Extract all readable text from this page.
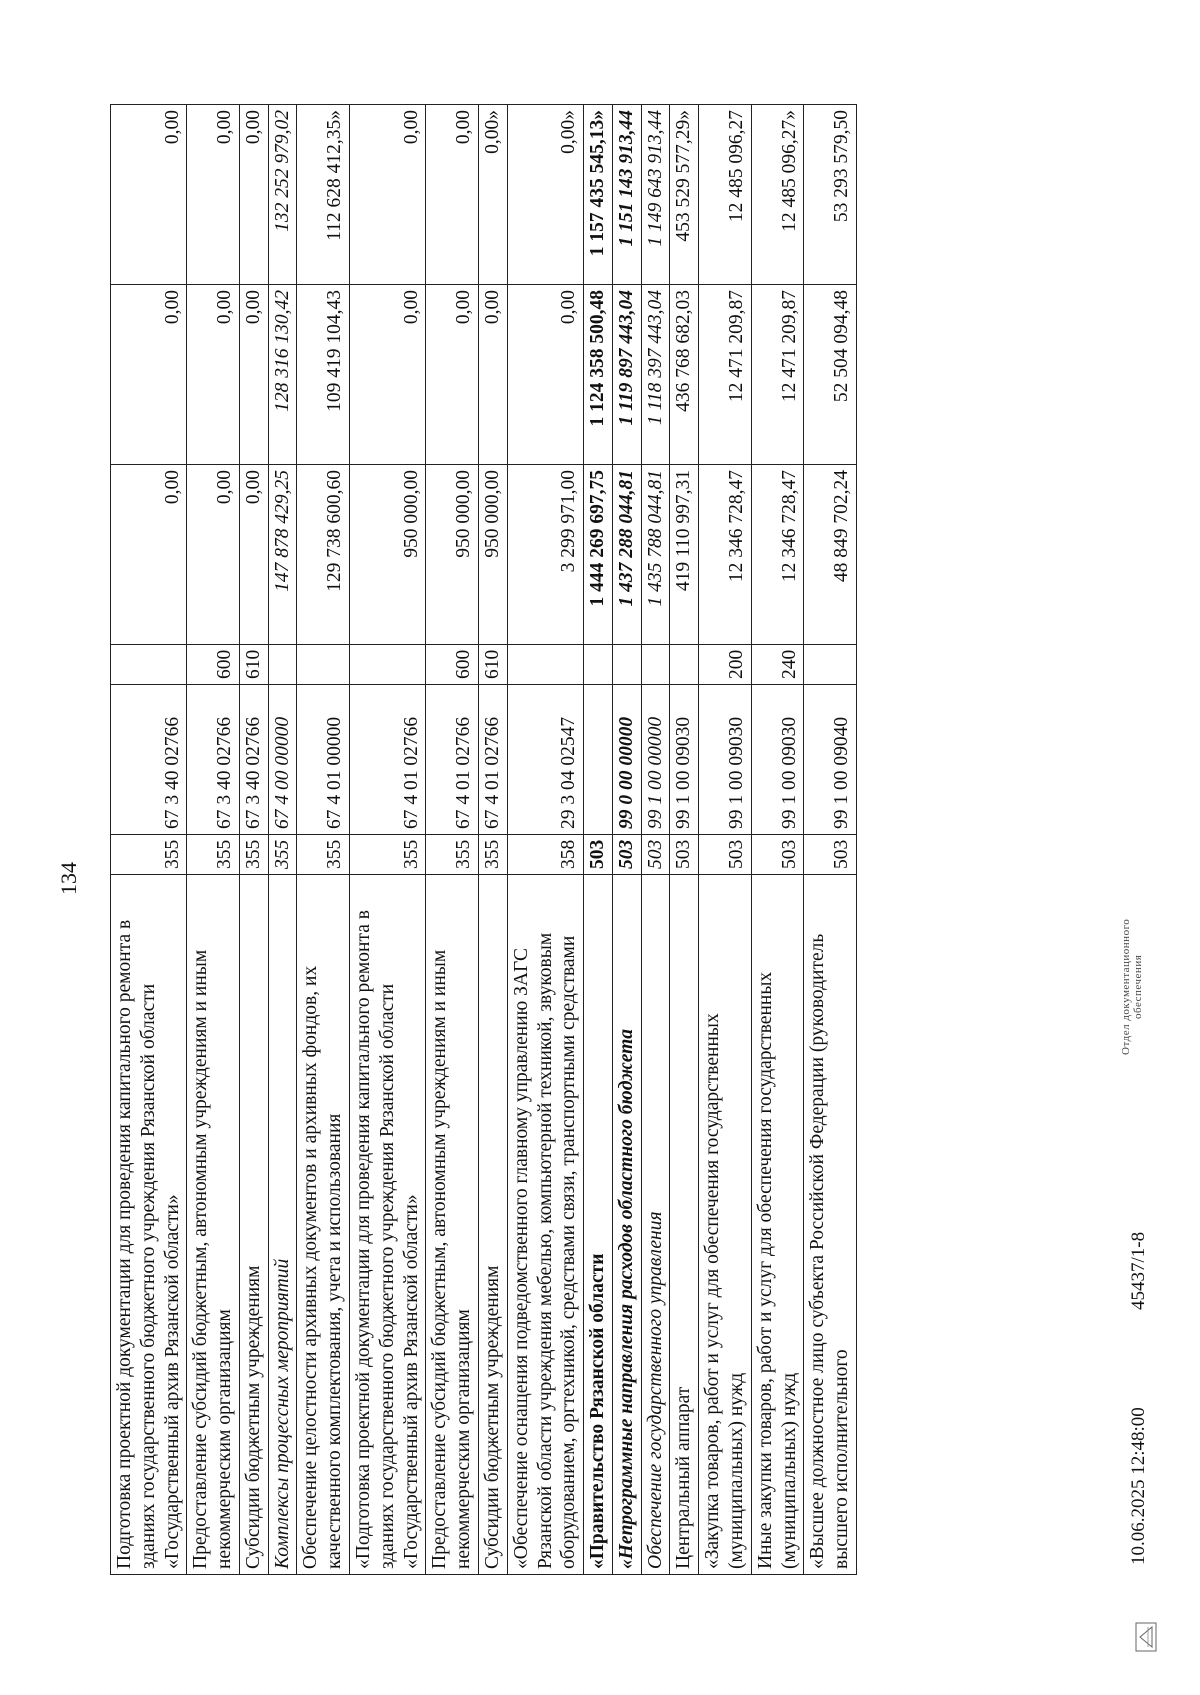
134
Подготовка проектной документации для проведения капитального ремонта в зданиях государственного бюджетного учреждения Рязанской области «Государственный архив Рязанской области»	355	67 3 40 02766		0,00	0,00	0,00
Предоставление субсидий бюджетным, автономным учреждениям и иным некоммерческим организациям	355	67 3 40 02766	600	0,00	0,00	0,00
Субсидии бюджетным учреждениям	355	67 3 40 02766	610	0,00	0,00	0,00
Комплексы процессных мероприятий	355	67 4 00 00000		147 878 429,25	128 316 130,42	132 252 979,02
Обеспечение целостности архивных документов и архивных фондов, их качественного комплектования, учета и использования	355	67 4 01 00000		129 738 600,60	109 419 104,43	112 628 412,35»
«Подготовка проектной документации для проведения капитального ремонта в зданиях государственного бюджетного учреждения Рязанской области «Государственный архив Рязанской области»	355	67 4 01 02766		950 000,00	0,00	0,00
Предоставление субсидий бюджетным, автономным учреждениям и иным некоммерческим организациям	355	67 4 01 02766	600	950 000,00	0,00	0,00
Субсидии бюджетным учреждениям	355	67 4 01 02766	610	950 000,00	0,00	0,00»
«Обеспечение оснащения подведомственного главному управлению ЗАГС Рязанской области учреждения мебелью, компьютерной техникой, звуковым оборудованием, оргтехникой, средствами связи, транспортными средствами	358	29 3 04 02547		3 299 971,00	0,00	0,00»
«Правительство Рязанской области	503			1 444 269 697,75	1 124 358 500,48	1 157 435 545,13»
«Непрограммные направления расходов областного бюджета	503	99 0 00 00000		1 437 288 044,81	1 119 897 443,04	1 151 143 913,44
Обеспечение государственного управления	503	99 1 00 00000		1 435 788 044,81	1 118 397 443,04	1 149 643 913,44
Центральный аппарат	503	99 1 00 09030		419 110 997,31	436 768 682,03	453 529 577,29»
«Закупка товаров, работ и услуг для обеспечения государственных (муниципальных) нужд	503	99 1 00 09030	200	12 346 728,47	12 471 209,87	12 485 096,27
Иные закупки товаров, работ и услуг для обеспечения государственных (муниципальных) нужд	503	99 1 00 09030	240	12 346 728,47	12 471 209,87	12 485 096,27»
«Высшее должностное лицо субъекта Российской Федерации (руководитель высшего исполнительного	503	99 1 00 09040		48 849 702,24	52 504 094,48	53 293 579,50
10.06.2025 12:48:00
45437/1-8
Отдел документационного обеспечения
